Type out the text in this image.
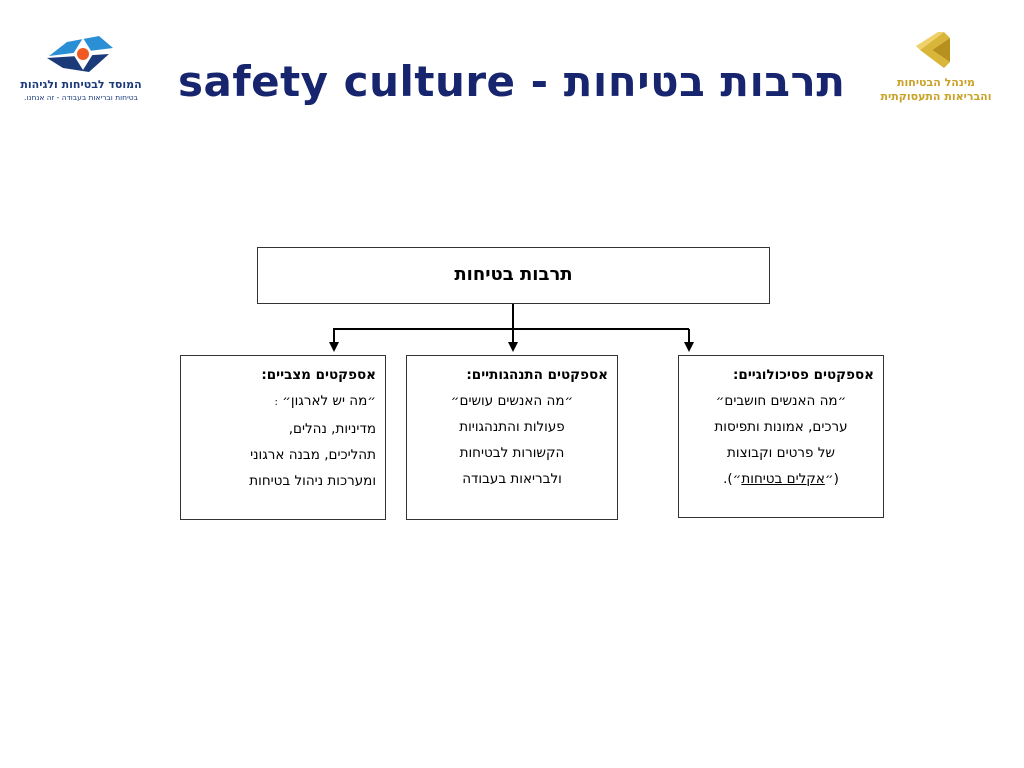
המוסד לבטיחות ולגיהות
בטיחות ובריאות בעבודה - זה אנחנו. safety culture - תרבות בטיחות	מינהל הבטיחות
והבריאות התעסוקתית
תרבות בטיחות
אספקטים פסיכולוגיים:
״מה האנשים חושבים״
ערכים, אמונות ותפיסות
של פרטים וקבוצות
(״אקלים בטיחות״).
אספקטים התנהגותיים:
״מה האנשים עושים״
פעולות והתנהגויות
הקשורות לבטיחות
ולבריאות בעבודה
אספקטים מצביים:
״מה יש לארגון״ :
מדיניות, נהלים,
תהליכים, מבנה ארגוני
ומערכות ניהול בטיחות
